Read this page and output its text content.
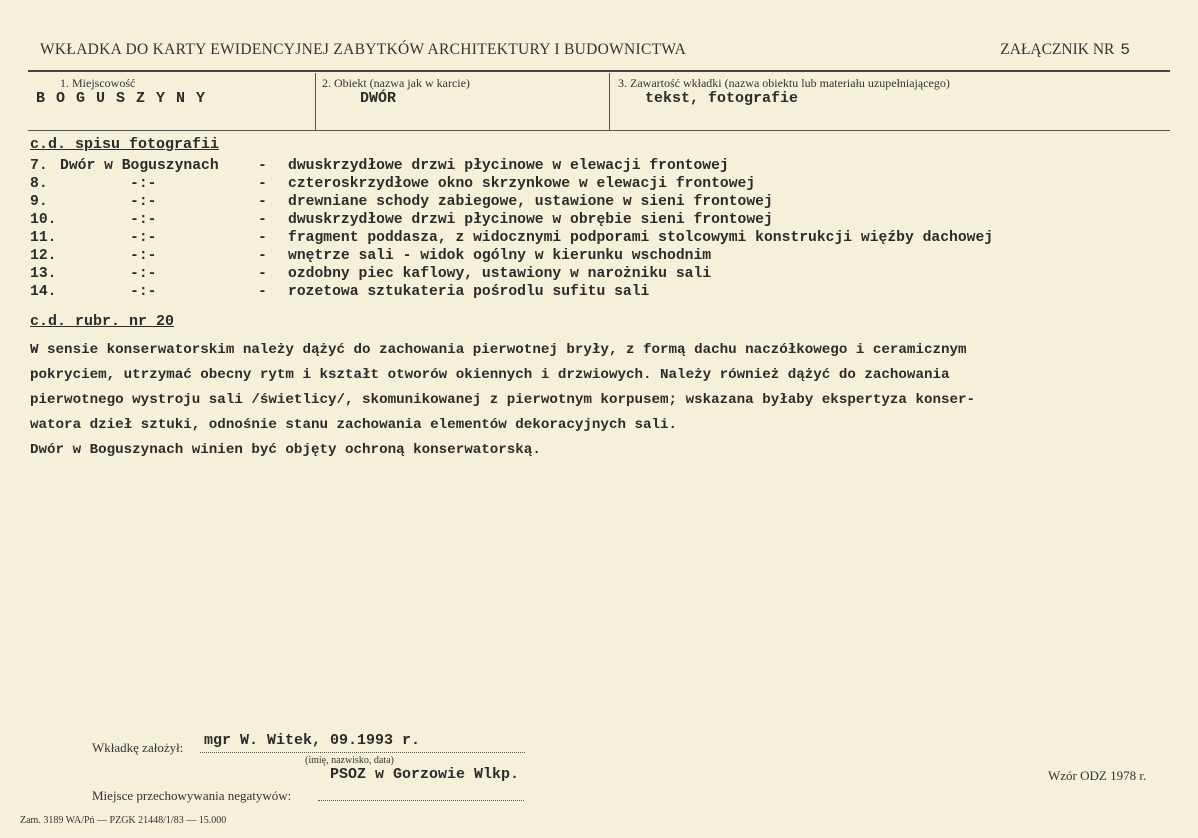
WKŁADKA DO KARTY EWIDENCYJNEJ ZABYTKÓW ARCHITEKTURY I BUDOWNICTWA	ZAŁĄCZNIK NR 5
1. Miejscowość
B O G U S Z Y N Y
2. Obiekt (nazwa jak w karcie)
DWÓR
3. Zawartość wkładki (nazwa obiektu lub materiału uzupełniającego)
tekst, fotografie
c.d. spisu fotografii
7. Dwór w Boguszynach	- dwuskrzydłowe drzwi płycinowe w elewacji frontowej
8.	-:-	- czteroskrzydłowe okno skrzynkowe w elewacji frontowej
9.	-:-	- drewniane schody zabiegowe, ustawione w sieni frontowej
10.	-:-	- dwuskrzydłowe drzwi płycinowe w obrębie sieni frontowej
11.	-:-	- fragment poddasza, z widocznymi podporami stolcowymi konstrukcji więźby dachowej
12.	-:-	- wnętrze sali - widok ogólny w kierunku wschodnim
13.	-:-	- ozdobny piec kaflowy, ustawiony w narożniku sali
14.	-:-	- rozetowa sztukateria pośrodlu sufitu sali
c.d. rubr. nr 20
W sensie konserwatorskim należy dążyć do zachowania pierwotnej bryły, z formą dachu naczółkowego i ceramicznym
pokryciem, utrzymać obecny rytm i kształt otworów okiennych i drzwiowych. Należy również dążyć do zachowania
pierwotnego wystroju sali /świetlicy/, skomunikowanej z pierwotnym korpusem; wskazana byłaby ekspertyza konser-
watora dzieł sztuki, odnośnie stanu zachowania elementów dekoracyjnych sali.
Dwór w Boguszynach winien być objęty ochroną konserwatorską.
Wkładkę założył: mgr W. Witek, 09.1993 r.
(imię, nazwisko, data)
PSOZ w Gorzowie Wlkp.
Miejsce przechowywania negatywów:
Wzór ODZ 1978 r.
Zam. 3189 WA/Pń — PZGK 21448/1/83 — 15.000
